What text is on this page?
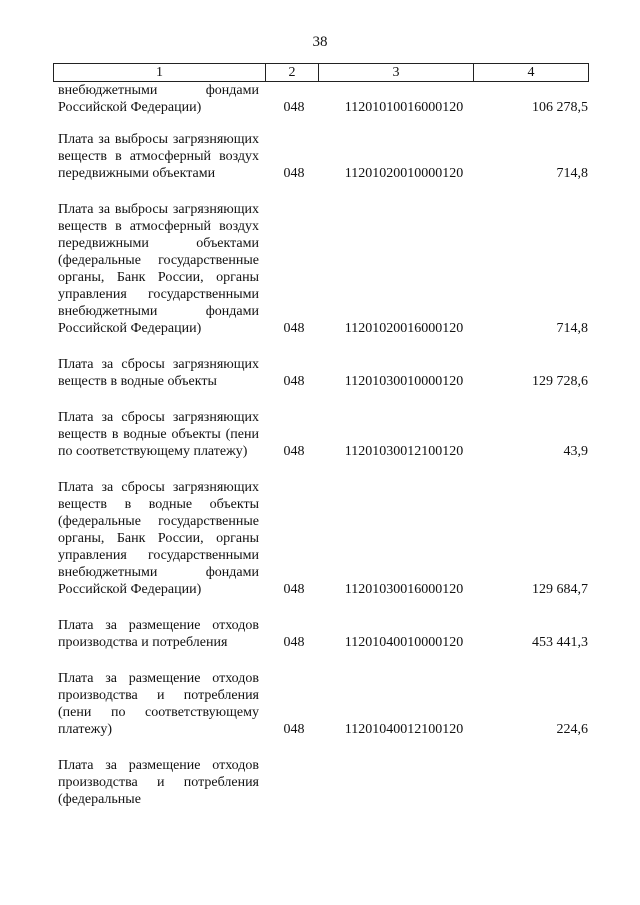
38
1	2	3	4
внебюджетными фондами Российской Федерации)	048	11201010016000120	106 278,5
Плата за выбросы загрязняющих веществ в атмосферный воздух передвижными объектами	048	11201020010000120	714,8
Плата за выбросы загрязняющих веществ в атмосферный воздух передвижными объектами (федеральные государственные органы, Банк России, органы управления государственными внебюджетными фондами Российской Федерации)	048	11201020016000120	714,8
Плата за сбросы загрязняющих веществ в водные объекты	048	11201030010000120	129 728,6
Плата за сбросы загрязняющих веществ в водные объекты (пени по соответствующему платежу)	048	11201030012100120	43,9
Плата за сбросы загрязняющих веществ в водные объекты (федеральные государственные органы, Банк России, органы управления государственными внебюджетными фондами Российской Федерации)	048	11201030016000120	129 684,7
Плата за размещение отходов производства и потребления	048	11201040010000120	453 441,3
Плата за размещение отходов производства и потребления (пени по соответствующему платежу)	048	11201040012100120	224,6
Плата за размещение отходов производства и потребления (федеральные
